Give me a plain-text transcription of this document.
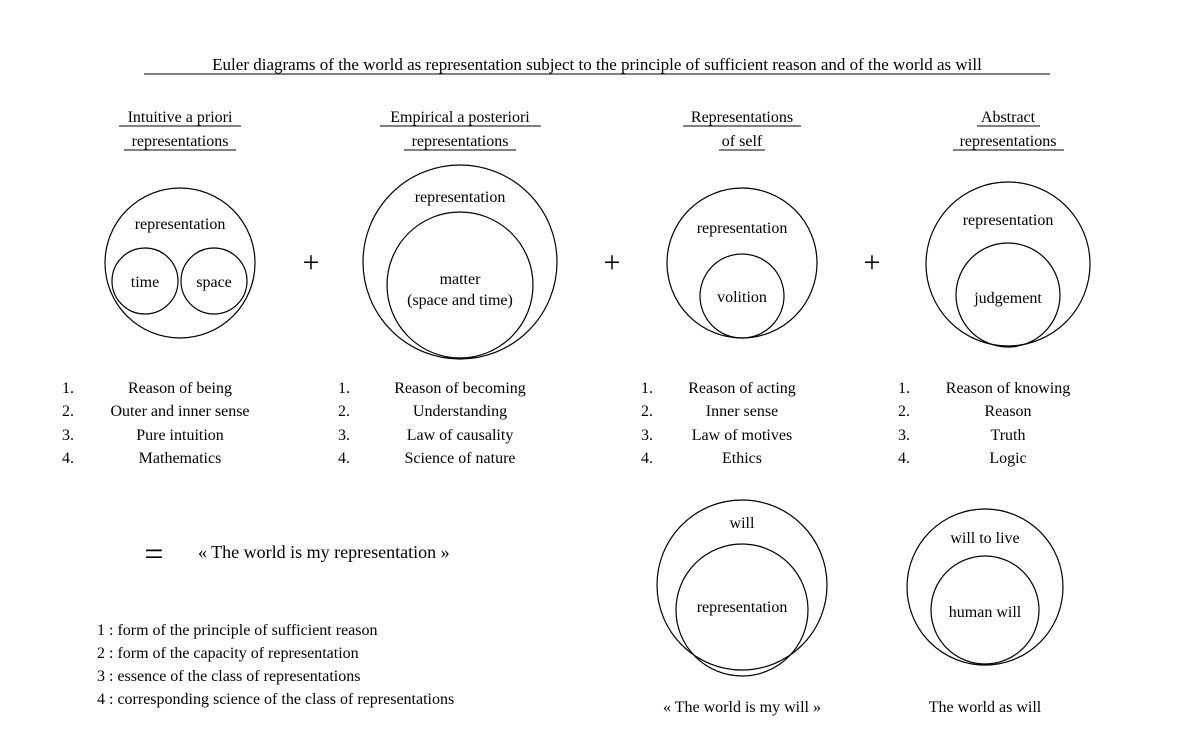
Euler diagrams of the world as representation subject to the principle of sufficient reason and of the world as will
Intuitive a priori
representations
representation
time space
1.
2.
3.
4.
Reason of being
Outer and inner sense
Pure intuition
Mathematics
+
Empirical a posteriori
representations
representation
matter
(space and time)
1.
2.
3.
4.
Reason of becoming
Understanding
Law of causality
Science of nature
+
Representations
of self
representation
volition
1.
2.
3.
4.
Reason of acting
Inner sense
Law of motives
Ethics
+
Abstract
representations
representation
judgement
1.
2.
3.
4.
Reason of knowing
Reason
Truth
Logic
= « The world is my representation »
1 : form of the principle of sufficient reason
2 : form of the capacity of representation
3 : essence of the class of representations
4 : corresponding science of the class of representations
will
representation
« The world is my will »
will to live
human will
The world as will
